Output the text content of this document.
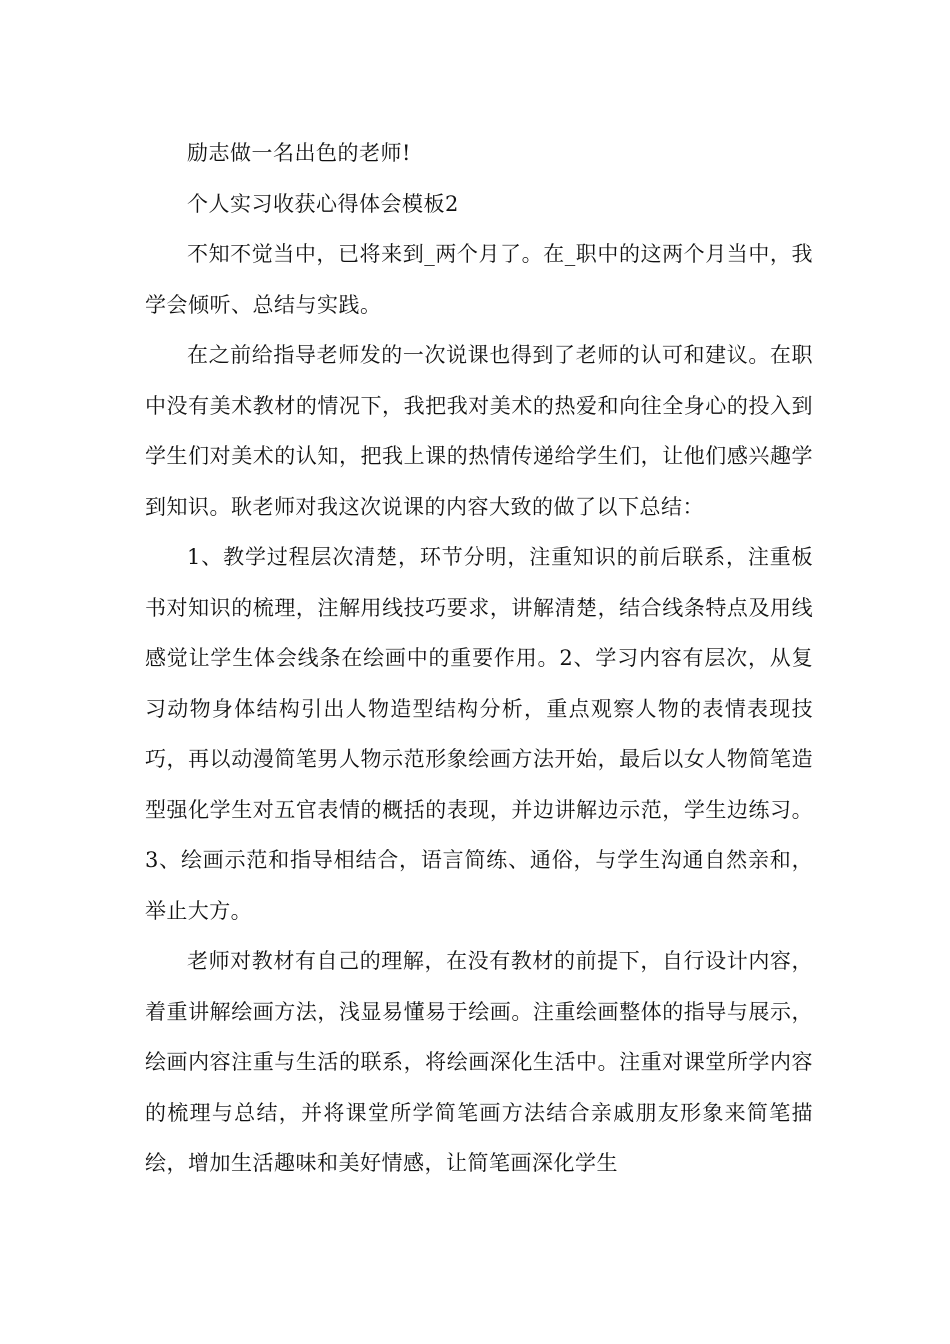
励志做一名出色的老师!

个人实习收获心得体会模板2

不知不觉当中，已将来到_两个月了。在_职中的这两个月当中，我学会倾听、总结与实践。

在之前给指导老师发的一次说课也得到了老师的认可和建议。在职中没有美术教材的情况下，我把我对美术的热爱和向往全身心的投入到学生们对美术的认知，把我上课的热情传递给学生们，让他们感兴趣学到知识。耿老师对我这次说课的内容大致的做了以下总结：

1、教学过程层次清楚，环节分明，注重知识的前后联系，注重板书对知识的梳理，注解用线技巧要求，讲解清楚，结合线条特点及用线感觉让学生体会线条在绘画中的重要作用。2、学习内容有层次，从复习动物身体结构引出人物造型结构分析，重点观察人物的表情表现技巧，再以动漫简笔男人物示范形象绘画方法开始，最后以女人物简笔造型强化学生对五官表情的概括的表现，并边讲解边示范，学生边练习。3、绘画示范和指导相结合，语言简练、通俗，与学生沟通自然亲和，举止大方。

老师对教材有自己的理解，在没有教材的前提下，自行设计内容，着重讲解绘画方法，浅显易懂易于绘画。注重绘画整体的指导与展示，绘画内容注重与生活的联系，将绘画深化生活中。注重对课堂所学内容的梳理与总结，并将课堂所学简笔画方法结合亲戚朋友形象来简笔描绘，增加生活趣味和美好情感，让简笔画深化学生
